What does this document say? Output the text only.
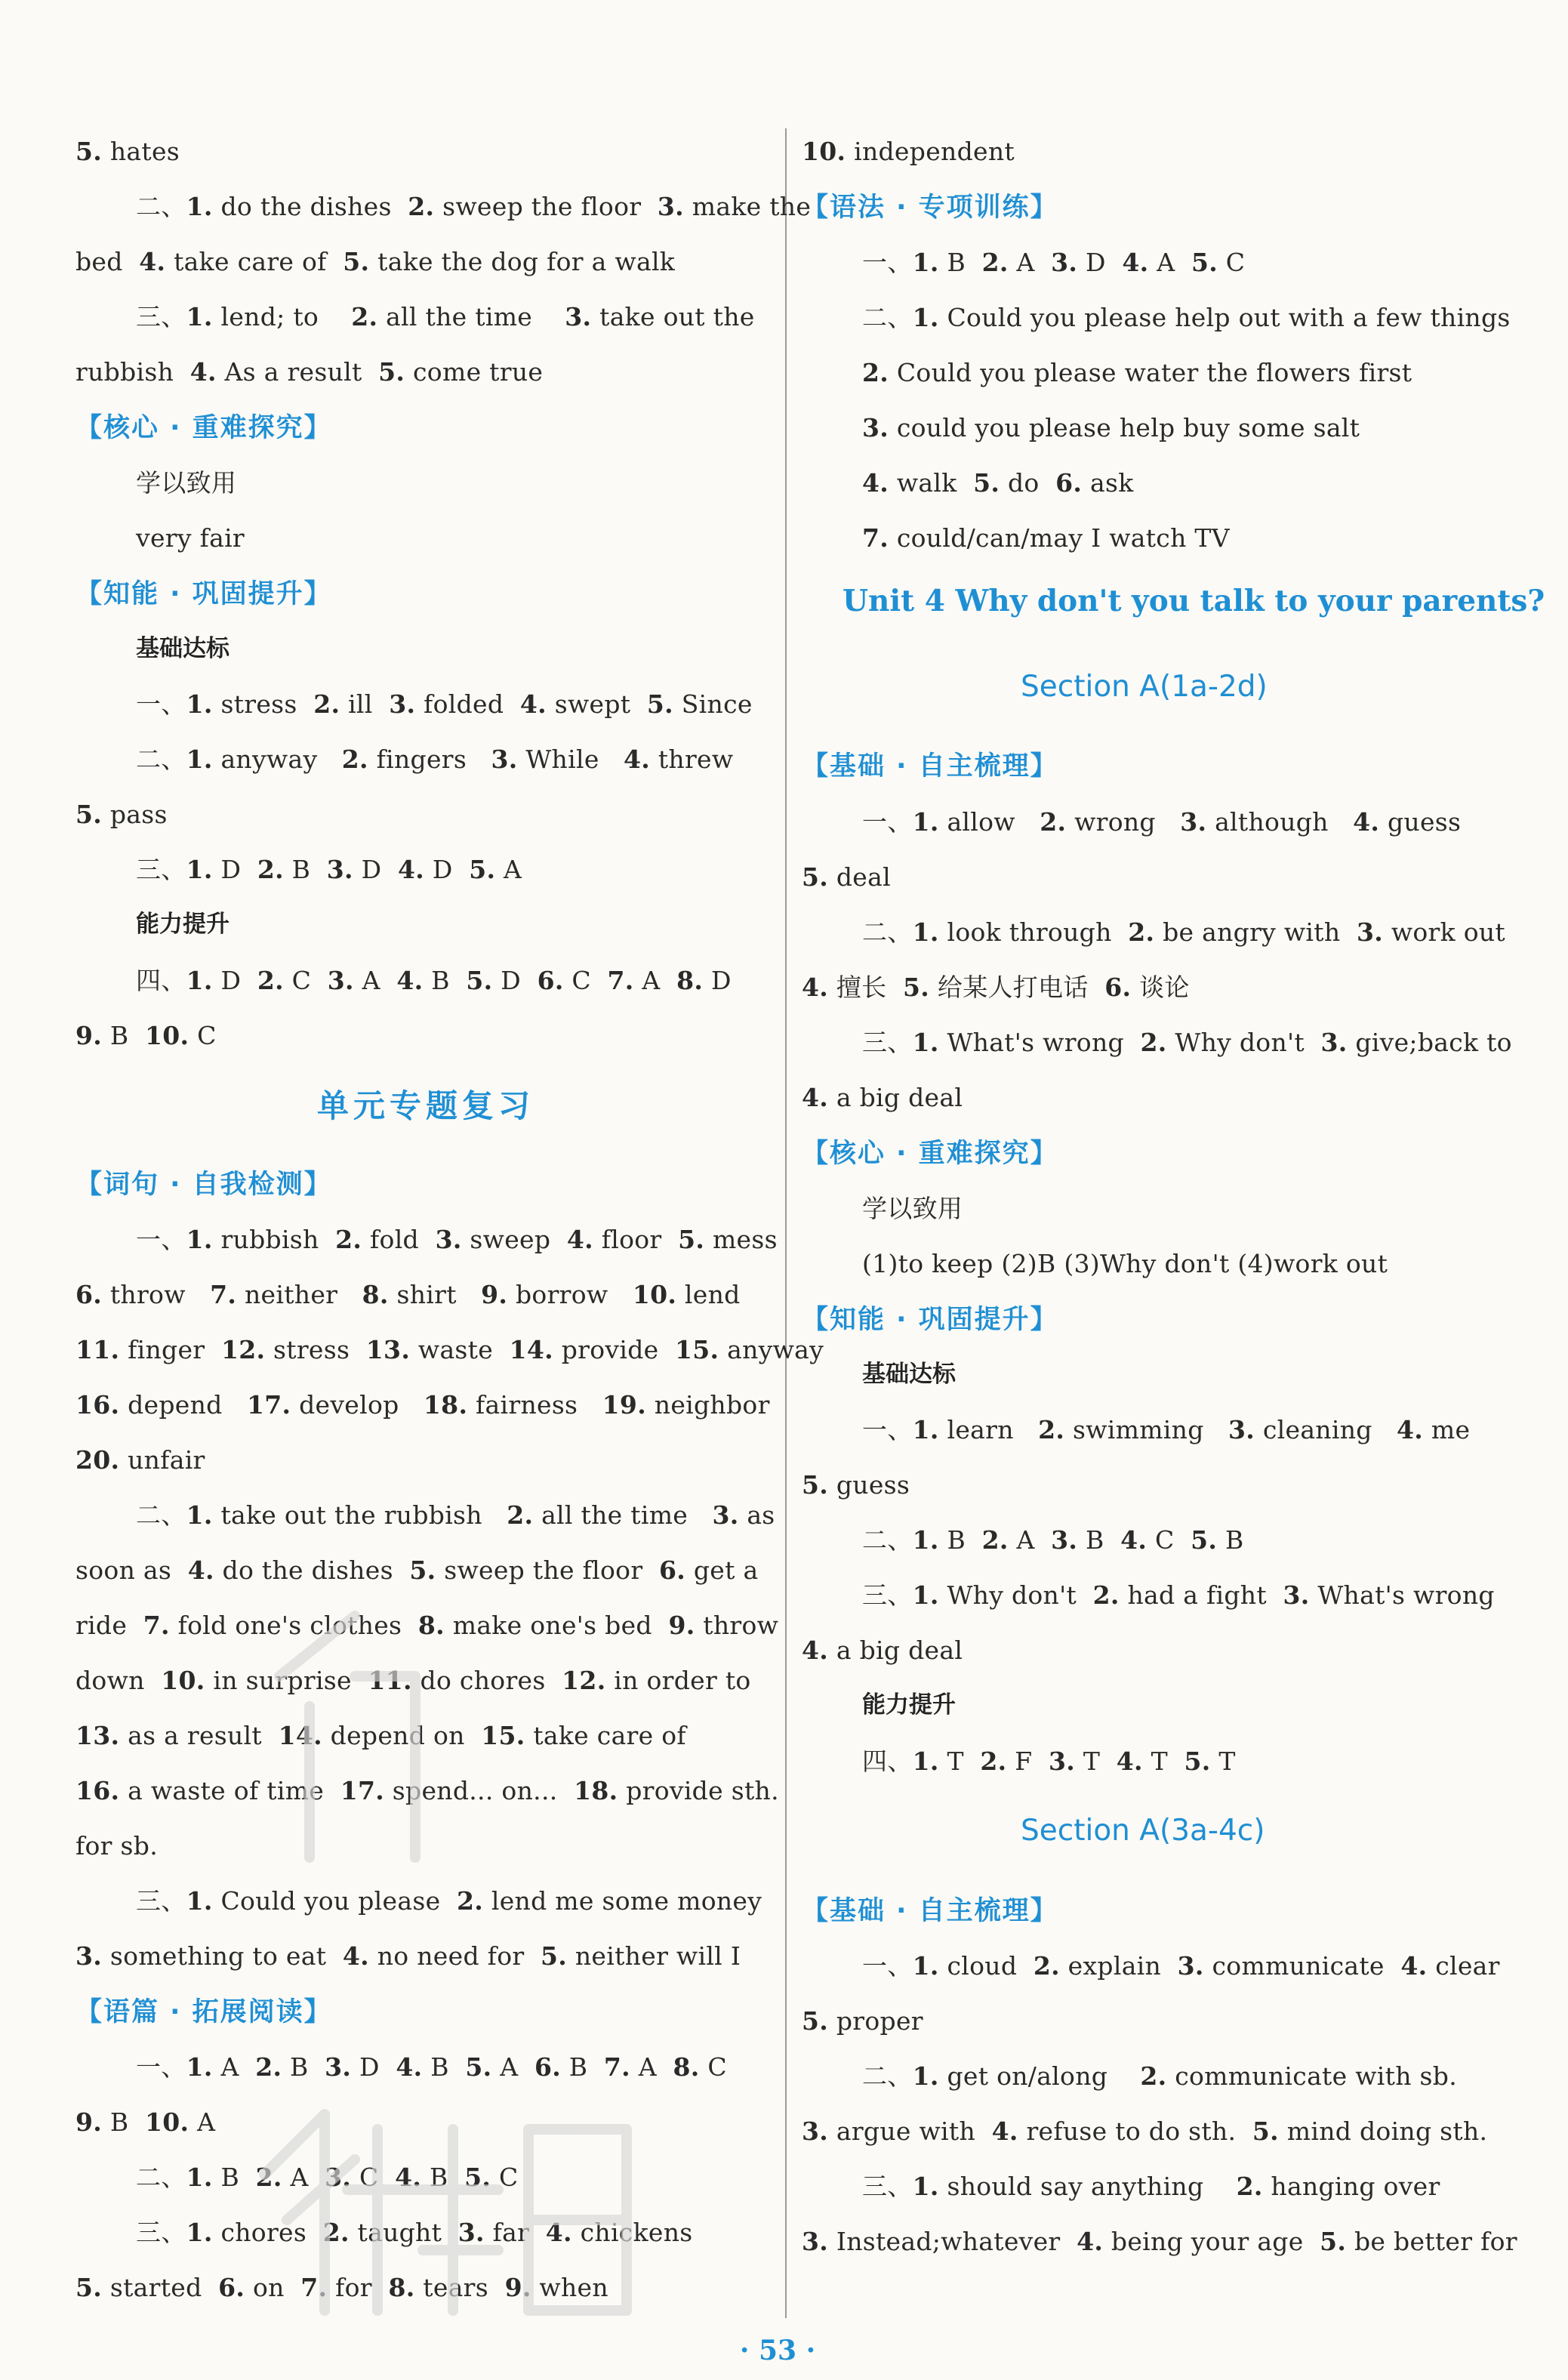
5. hates
二、1. do the dishes  2. sweep the floor  3. make the
bed  4. take care of  5. take the dog for a walk
三、1. lend; to    2. all the time    3. take out the
rubbish  4. As a result  5. come true
【核心 · 重难探究】
学以致用
very fair
【知能 · 巩固提升】
基础达标
一、1. stress  2. ill  3. folded  4. swept  5. Since
二、1. anyway   2. fingers   3. While   4. threw
5. pass
三、1. D  2. B  3. D  4. D  5. A
能力提升
四、1. D  2. C  3. A  4. B  5. D  6. C  7. A  8. D
9. B  10. C
单元专题复习
【词句 · 自我检测】
一、1. rubbish  2. fold  3. sweep  4. floor  5. mess
6. throw   7. neither   8. shirt   9. borrow   10. lend
11. finger  12. stress  13. waste  14. provide  15. anyway
16. depend   17. develop   18. fairness   19. neighbor
20. unfair
二、1. take out the rubbish   2. all the time   3. as
soon as  4. do the dishes  5. sweep the floor  6. get a
ride  7. fold one's clothes  8. make one's bed  9. throw
down  10. in surprise  11. do chores  12. in order to
13. as a result  14. depend on  15. take care of
16. a waste of time  17. spend... on...  18. provide sth.
for sb.
三、1. Could you please  2. lend me some money
3. something to eat  4. no need for  5. neither will I
【语篇 · 拓展阅读】
一、1. A  2. B  3. D  4. B  5. A  6. B  7. A  8. C
9. B  10. A
二、1. B  2. A  3. C  4. B  5. C
三、1. chores  2. taught  3. far  4. chickens
5. started  6. on  7. for  8. tears  9. when
10. independent
【语法 · 专项训练】
一、1. B  2. A  3. D  4. A  5. C
二、1. Could you please help out with a few things
2. Could you please water the flowers first
3. could you please help buy some salt
4. walk  5. do  6. ask
7. could/can/may I watch TV
Unit 4 Why don't you talk to your parents?
Section A(1a-2d)
【基础 · 自主梳理】
一、1. allow   2. wrong   3. although   4. guess
5. deal
二、1. look through  2. be angry with  3. work out
4. 擅长  5. 给某人打电话  6. 谈论
三、1. What's wrong  2. Why don't  3. give;back to
4. a big deal
【核心 · 重难探究】
学以致用
(1)to keep (2)B (3)Why don't (4)work out
【知能 · 巩固提升】
基础达标
一、1. learn   2. swimming   3. cleaning   4. me
5. guess
二、1. B  2. A  3. B  4. C  5. B
三、1. Why don't  2. had a fight  3. What's wrong
4. a big deal
能力提升
四、1. T  2. F  3. T  4. T  5. T
Section A(3a-4c)
【基础 · 自主梳理】
一、1. cloud  2. explain  3. communicate  4. clear
5. proper
二、1. get on/along    2. communicate with sb.
3. argue with  4. refuse to do sth.  5. mind doing sth.
三、1. should say anything    2. hanging over
3. Instead;whatever  4. being your age  5. be better for
· 53 ·
